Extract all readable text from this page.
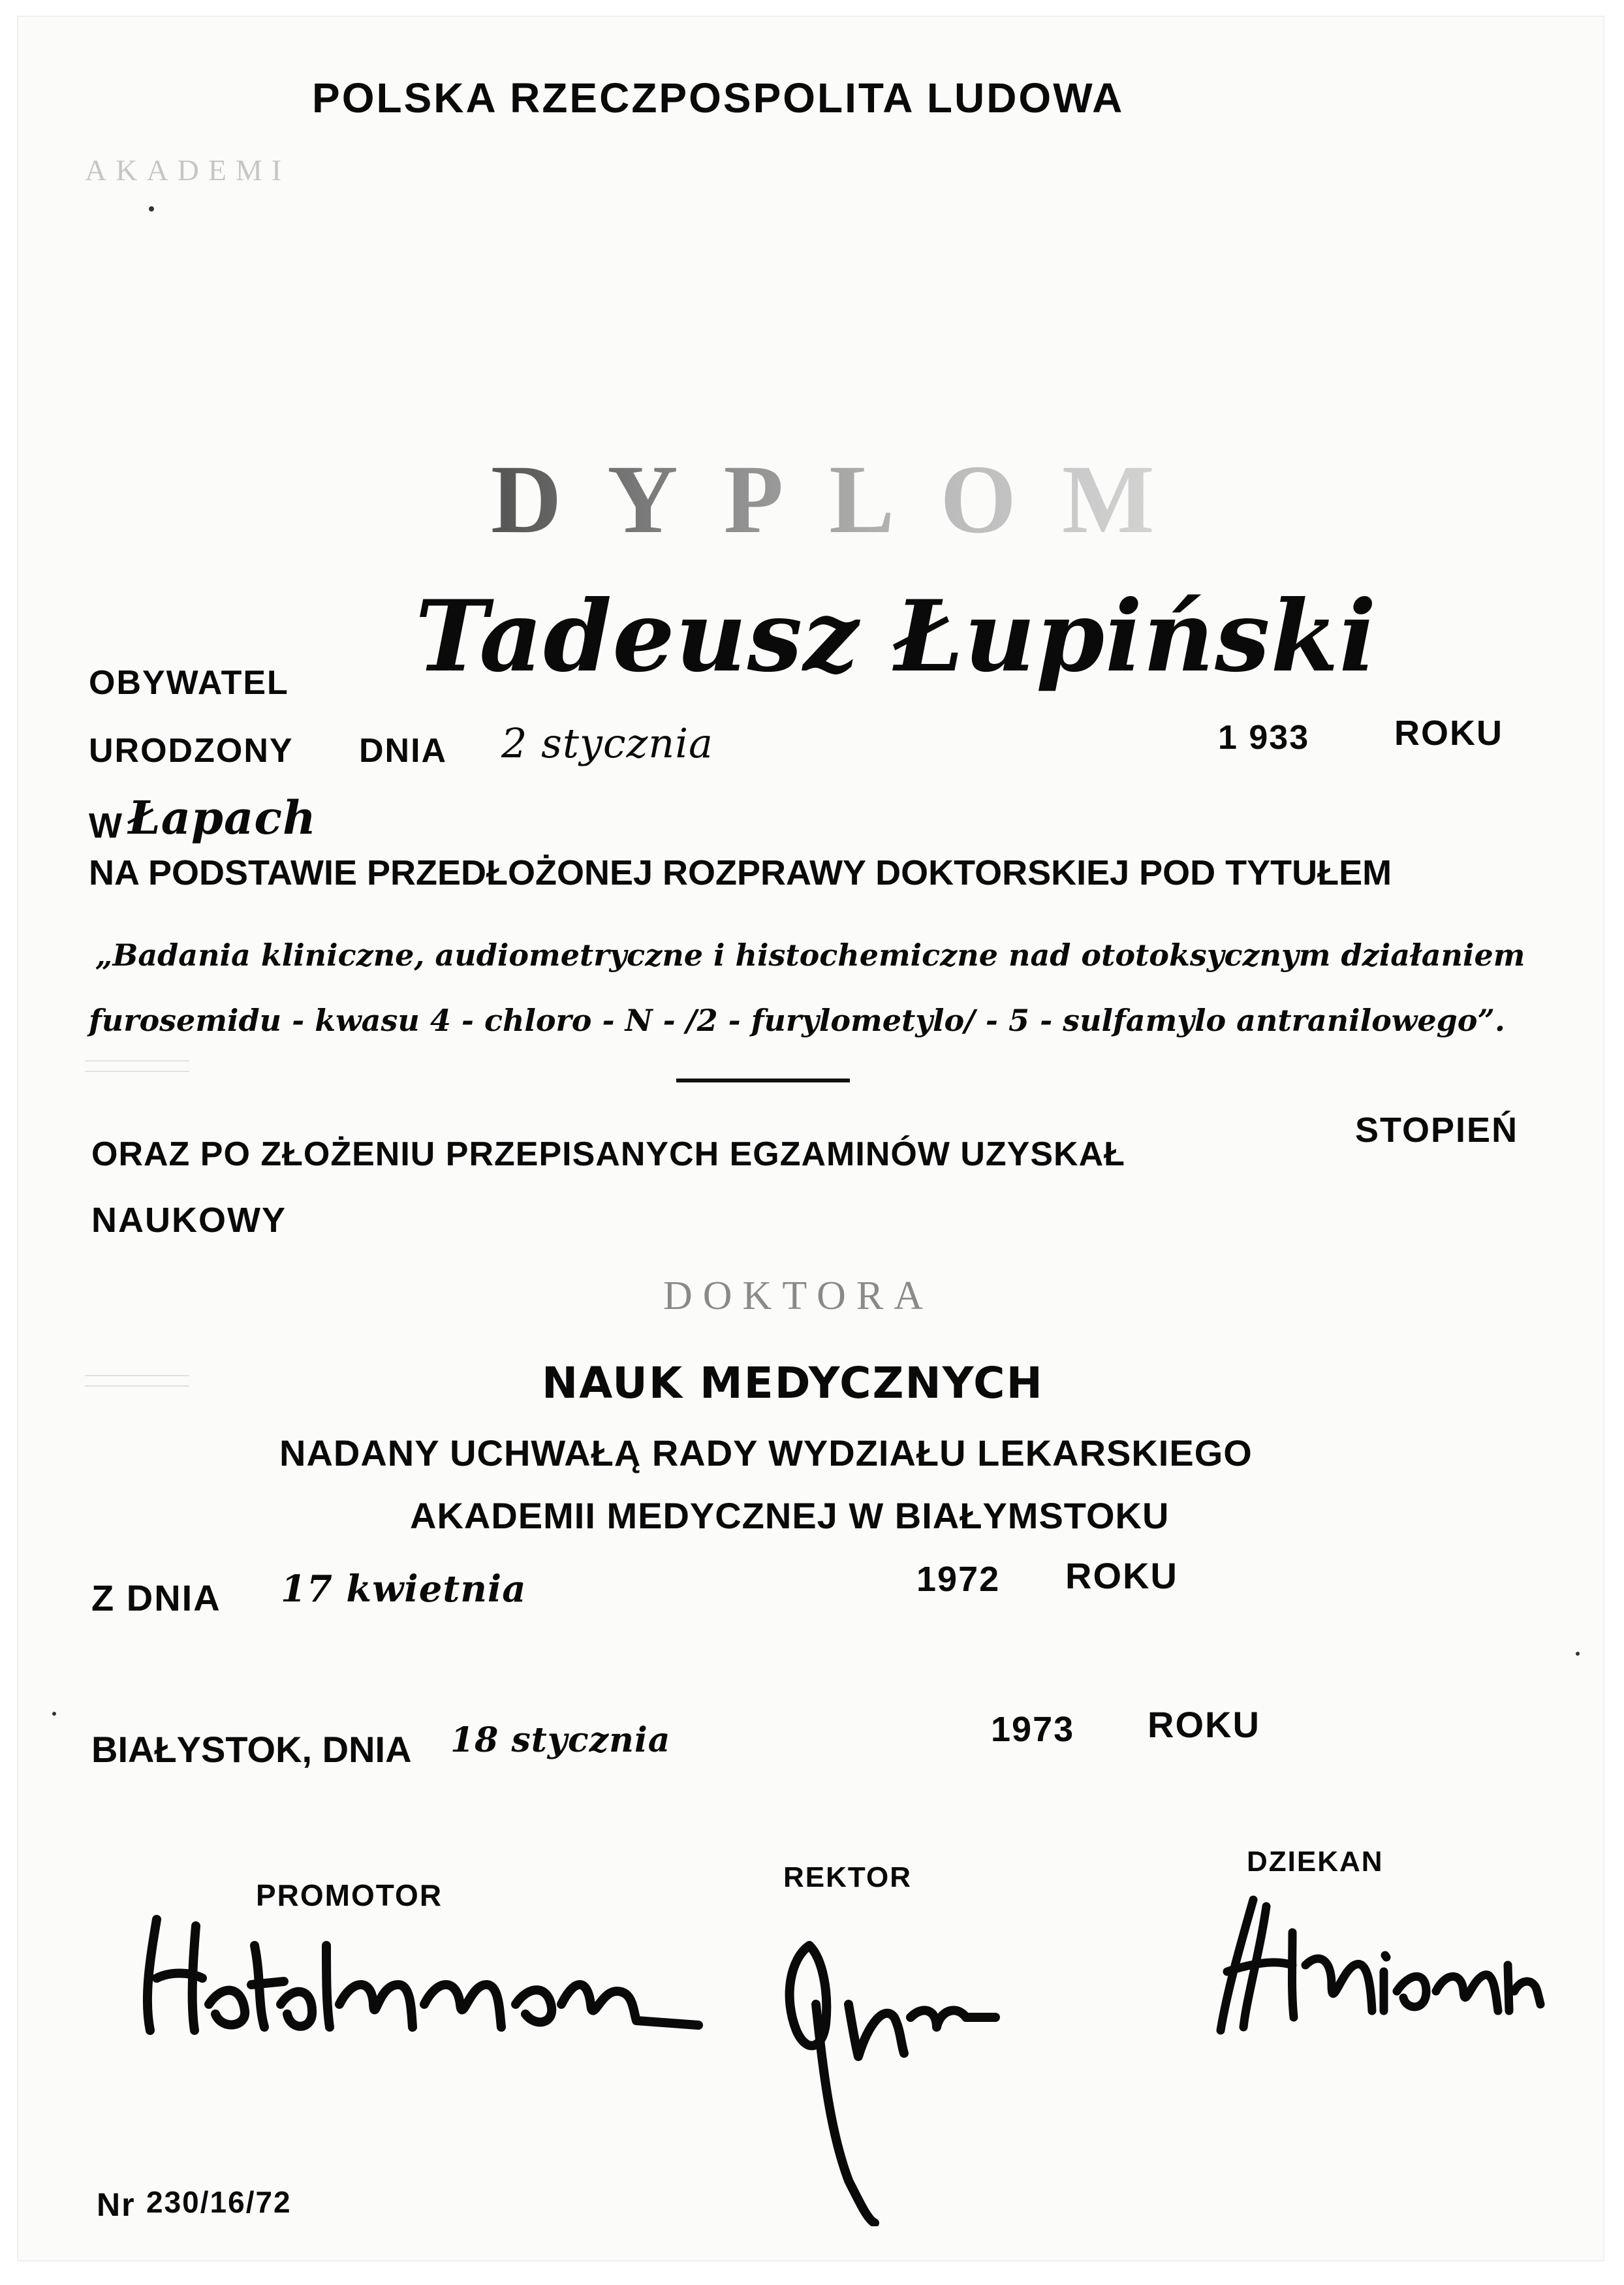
POLSKA RZECZPOSPOLITA LUDOWA
AKADEMI
DYPLOM
OBYWATEL Tadeusz Łupiński
URODZONY DNIA 2 stycznia	1 933 ROKU
W Łapach
NA PODSTAWIE PRZEDŁOŻONEJ ROZPRAWY DOKTORSKIEJ POD TYTUŁEM
„Badania kliniczne, audiometryczne i histochemiczne nad ototoksycznym działaniem
furosemidu - kwasu 4 - chloro - N - /2 - furylometylo/ - 5 - sulfamylo antranilowego”.
ORAZ PO ZŁOŻENIU PRZEPISANYCH EGZAMINÓW UZYSKAŁ
STOPIEŃ
NAUKOWY
DOKTORA
NAUK MEDYCZNYCH
NADANY UCHWAŁĄ RADY WYDZIAŁU LEKARSKIEGO
AKADEMII MEDYCZNEJ W BIAŁYMSTOKU
Z DNIA 17 kwietnia	1972 ROKU
BIAŁYSTOK, DNIA 18 stycznia	1973 ROKU
PROMOTOR
REKTOR	DZIEKAN
Nr 230/16/72
